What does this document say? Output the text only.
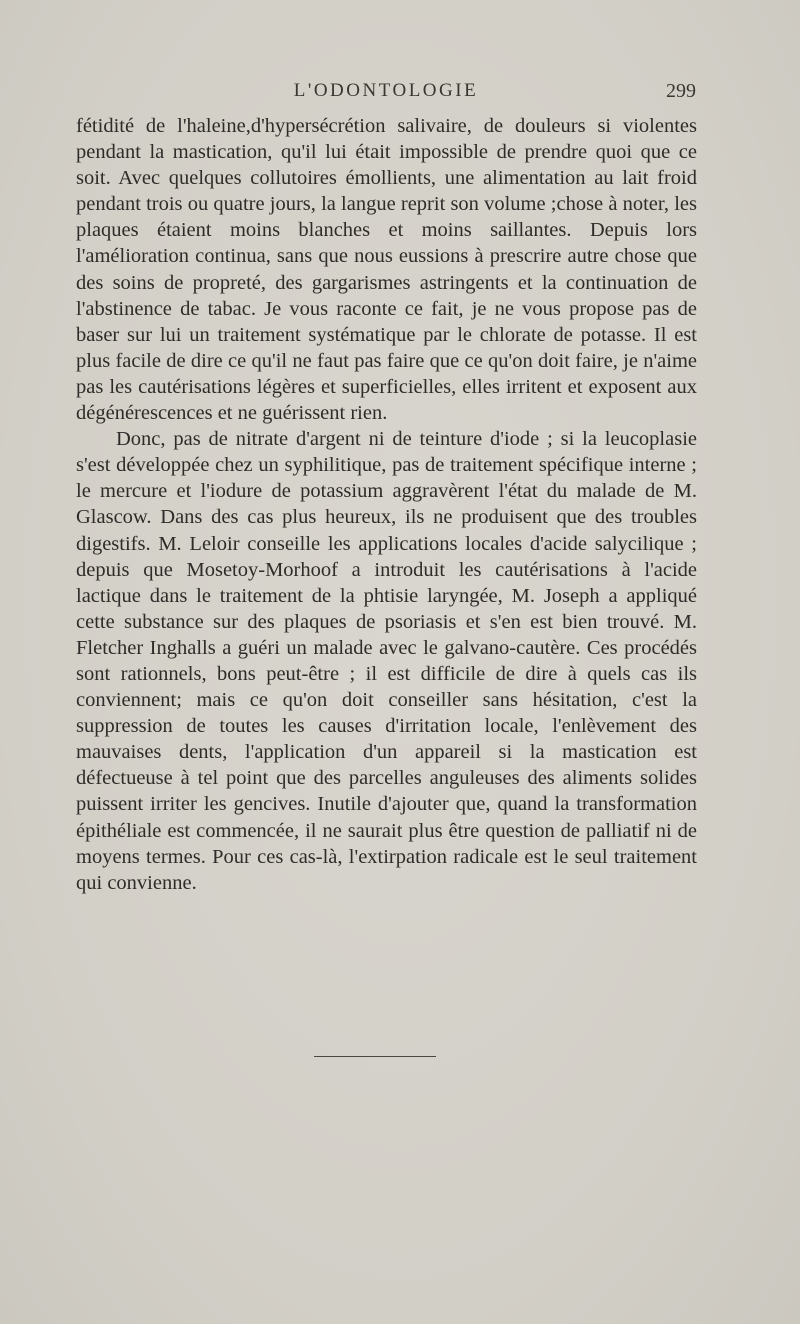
L'ODONTOLOGIE	299

fétidité de l'haleine,d'hypersécrétion salivaire, de douleurs si violentes pendant la mastication, qu'il lui était impossible de prendre quoi que ce soit. Avec quelques collutoires émollients, une alimentation au lait froid pendant trois ou quatre jours, la langue reprit son volume ;chose à noter, les plaques étaient moins blanches et moins saillantes. Depuis lors l'amélioration continua, sans que nous eussions à prescrire autre chose que des soins de propreté, des gargarismes astringents et la continuation de l'abstinence de tabac. Je vous raconte ce fait, je ne vous propose pas de baser sur lui un traitement systématique par le chlorate de potasse. Il est plus facile de dire ce qu'il ne faut pas faire que ce qu'on doit faire, je n'aime pas les cautérisations légères et superficielles, elles irritent et exposent aux dégénérescences et ne guérissent rien.

Donc, pas de nitrate d'argent ni de teinture d'iode ; si la leucoplasie s'est développée chez un syphilitique, pas de traitement spécifique interne ; le mercure et l'iodure de potassium aggravèrent l'état du malade de M. Glascow. Dans des cas plus heureux, ils ne produisent que des troubles digestifs. M. Leloir conseille les applications locales d'acide salycilique ; depuis que Mosetoy-Morhoof a introduit les cautérisations à l'acide lactique dans le traitement de la phtisie laryngée, M. Joseph a appliqué cette substance sur des plaques de psoriasis et s'en est bien trouvé. M. Fletcher Inghalls a guéri un malade avec le galvano-cautère. Ces procédés sont rationnels, bons peut-être ; il est difficile de dire à quels cas ils conviennent; mais ce qu'on doit conseiller sans hésitation, c'est la suppression de toutes les causes d'irritation locale, l'enlèvement des mauvaises dents, l'application d'un appareil si la mastication est défectueuse à tel point que des parcelles anguleuses des aliments solides puissent irriter les gencives. Inutile d'ajouter que, quand la transformation épithéliale est commencée, il ne saurait plus être question de palliatif ni de moyens termes. Pour ces cas-là, l'extirpation radicale est le seul traitement qui convienne.
